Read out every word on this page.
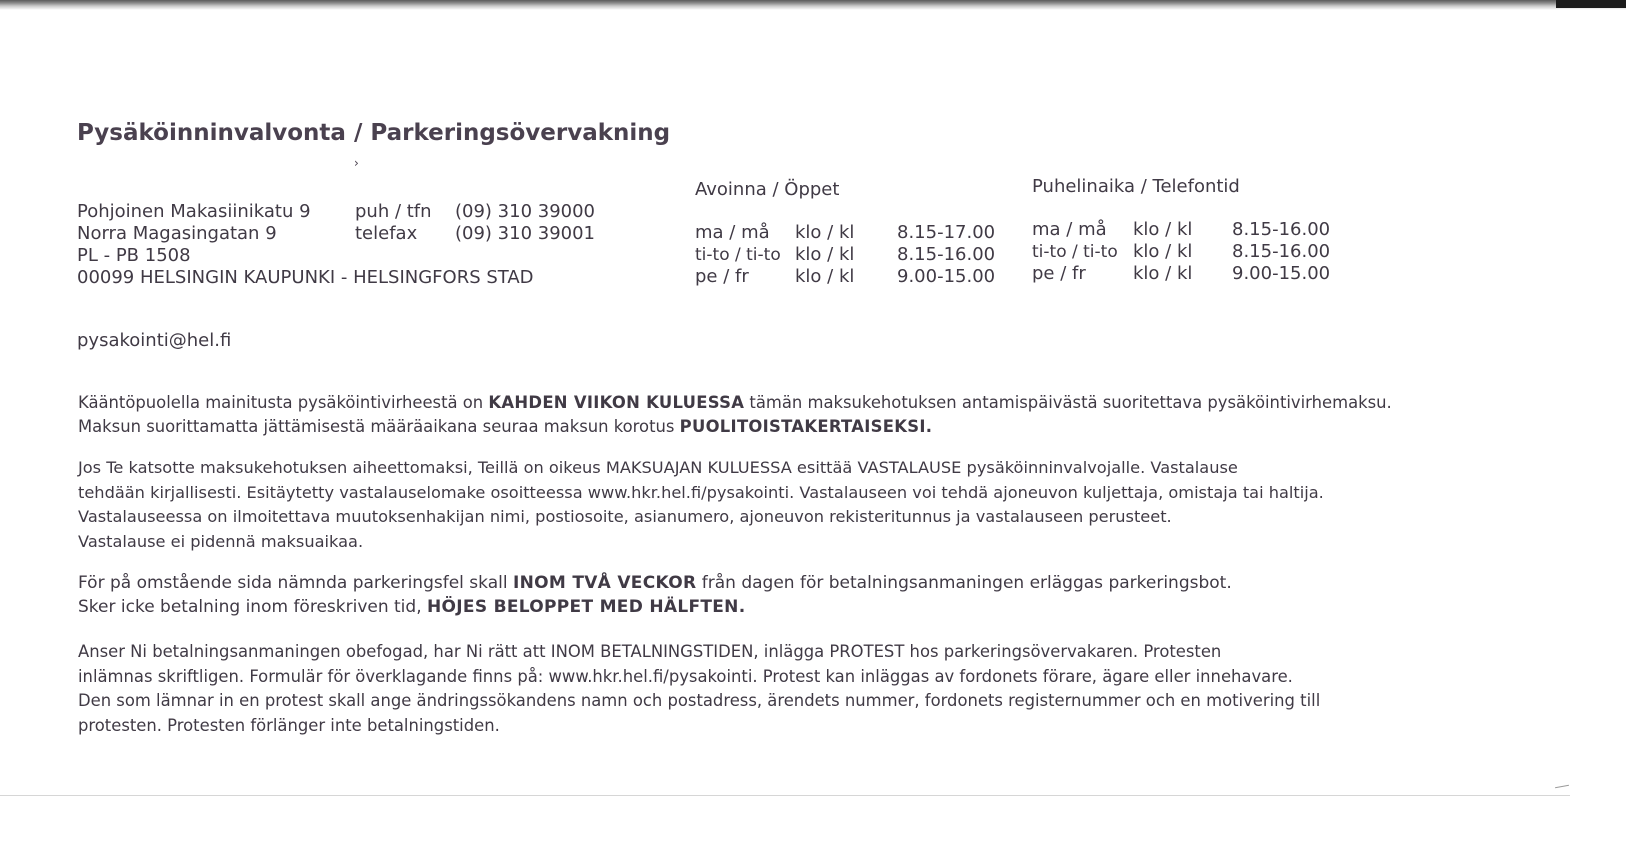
Pysäköinninvalvonta / Parkeringsövervakning
›
Pohjoinen Makasiinikatu 9
Norra Magasingatan 9
PL - PB 1508
00099 HELSINGIN KAUPUNKI - HELSINGFORS STAD
puh / tfn (09) 310 39000
telefax (09) 310 39001
pysakointi@hel.fi
Avoinna / Öppet
ma / må klo / kl 8.15-17.00
ti-to / ti-to klo / kl 8.15-16.00
pe / fr	klo / kl 9.00-15.00
Puhelinaika / Telefontid
ma / må klo / kl 8.15-16.00
ti-to / ti-to klo / kl 8.15-16.00
pe / fr	klo / kl 9.00-15.00
Kääntöpuolella mainitusta pysäköintivirheestä on KAHDEN VIIKON KULUESSA tämän maksukehotuksen antamispäivästä suoritettava pysäköintivirhemaksu.
Maksun suorittamatta jättämisestä määräaikana seuraa maksun korotus PUOLITOISTAKERTAISEKSI.
Jos Te katsotte maksukehotuksen aiheettomaksi, Teillä on oikeus MAKSUAJAN KULUESSA esittää VASTALAUSE pysäköinninvalvojalle. Vastalause
tehdään kirjallisesti. Esitäytetty vastalauselomake osoitteessa www.hkr.hel.fi/pysakointi. Vastalauseen voi tehdä ajoneuvon kuljettaja, omistaja tai haltija.
Vastalauseessa on ilmoitettava muutoksenhakijan nimi, postiosoite, asianumero, ajoneuvon rekisteritunnus ja vastalauseen perusteet.
Vastalause ei pidennä maksuaikaa.
För på omstående sida nämnda parkeringsfel skall INOM TVÅ VECKOR från dagen för betalningsanmaningen erläggas parkeringsbot.
Sker icke betalning inom föreskriven tid, HÖJES BELOPPET MED HÄLFTEN.
Anser Ni betalningsanmaningen obefogad, har Ni rätt att INOM BETALNINGSTIDEN, inlägga PROTEST hos parkeringsövervakaren. Protesten
inlämnas skriftligen. Formulär för överklagande finns på: www.hkr.hel.fi/pysakointi. Protest kan inläggas av fordonets förare, ägare eller innehavare.
Den som lämnar in en protest skall ange ändringssökandens namn och postadress, ärendets nummer, fordonets registernummer och en motivering till
protesten. Protesten förlänger inte betalningstiden.
